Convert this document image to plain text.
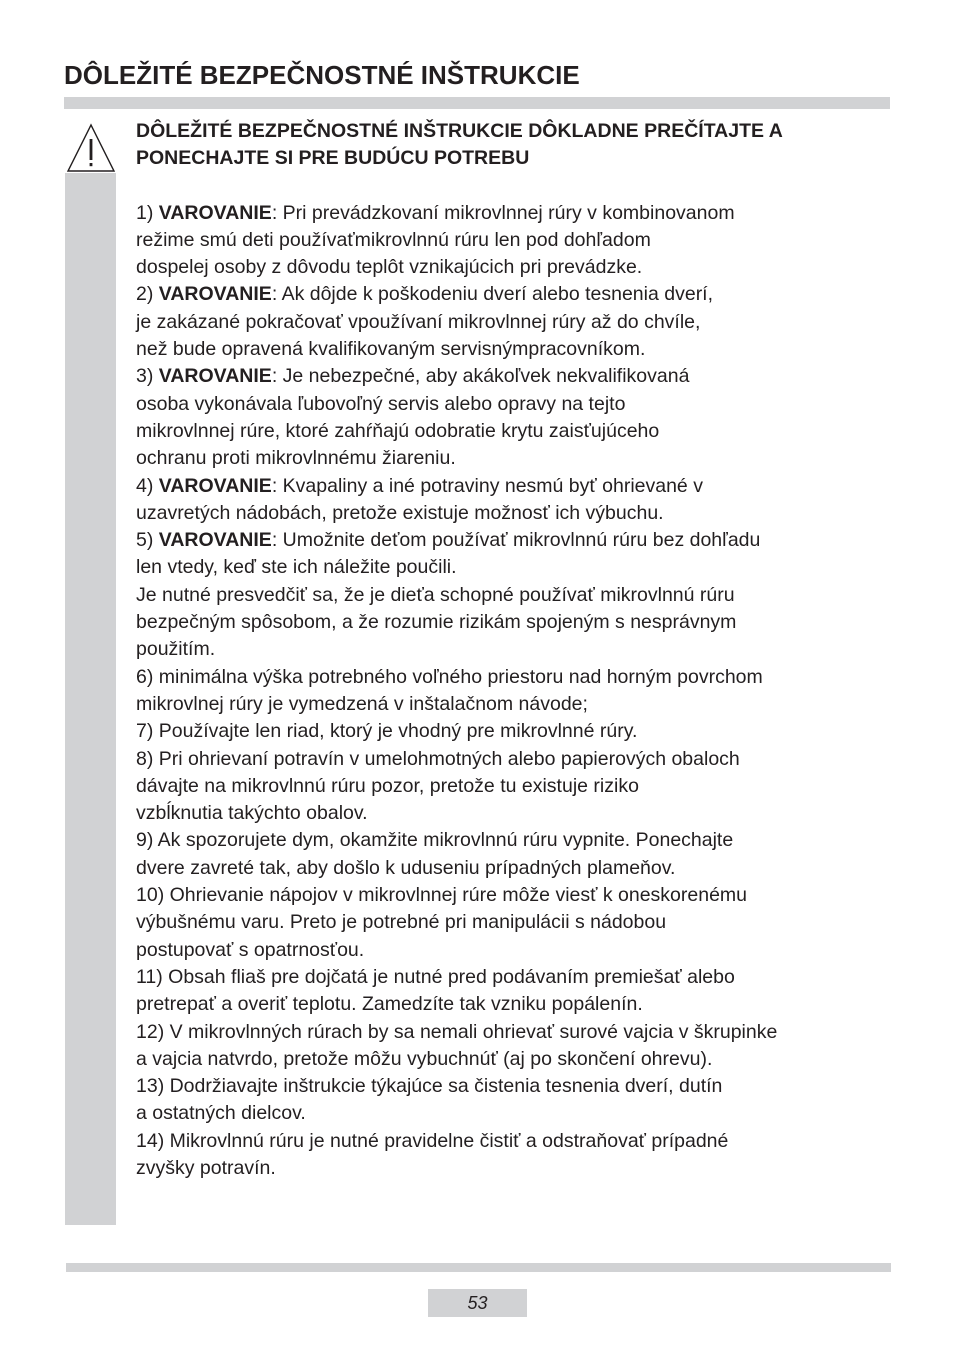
DÔLEŽITÉ BEZPEČNOSTNÉ INŠTRUKCIE
DÔLEŽITÉ BEZPEČNOSTNÉ INŠTRUKCIE DÔKLADNE PREČÍTAJTE A
PONECHAJTE SI PRE BUDÚCU POTREBU
1) VAROVANIE: Pri prevádzkovaní mikrovlnnej rúry v kombinovanom
režime smú deti používaťmikrovlnnú rúru len pod dohľadom
dospelej osoby z dôvodu teplôt vznikajúcich pri prevádzke.
2) VAROVANIE: Ak dôjde k poškodeniu dverí alebo tesnenia dverí,
je zakázané pokračovať vpoužívaní mikrovlnnej rúry až do chvíle,
než bude opravená kvalifikovaným servisnýmpracovníkom.
3) VAROVANIE: Je nebezpečné, aby akákoľvek nekvalifikovaná
osoba vykonávala ľubovoľný servis alebo opravy na tejto
mikrovlnnej rúre, ktoré zahŕňajú odobratie krytu zaisťujúceho
ochranu proti mikrovlnnému žiareniu.
4) VAROVANIE: Kvapaliny a iné potraviny nesmú byť ohrievané v
uzavretých nádobách, pretože existuje možnosť ich výbuchu.
5) VAROVANIE: Umožnite deťom používať mikrovlnnú rúru bez dohľadu
len vtedy, keď ste ich náležite poučili.
Je nutné presvedčiť sa, že je dieťa schopné používať mikrovlnnú rúru
bezpečným spôsobom, a že rozumie rizikám spojeným s nesprávnym
použitím.
6) minimálna výška potrebného voľného priestoru nad horným povrchom
mikrovlnej rúry je vymedzená v inštalačnom návode;
7) Používajte len riad, ktorý je vhodný pre mikrovlnné rúry.
8) Pri ohrievaní potravín v umelohmotných alebo papierových obaloch
dávajte na mikrovlnnú rúru pozor, pretože tu existuje riziko
vzbĺknutia takýchto obalov.
9) Ak spozorujete dym, okamžite mikrovlnnú rúru vypnite. Ponechajte
dvere zavreté tak, aby došlo k uduseniu prípadných plameňov.
10) Ohrievanie nápojov v mikrovlnnej rúre môže viesť k oneskorenému
výbušnému varu. Preto je potrebné pri manipulácii s nádobou
postupovať s opatrnosťou.
11) Obsah fliaš pre dojčatá je nutné pred podávaním premiešať alebo
pretrepať a overiť teplotu. Zamedzíte tak vzniku popálenín.
12) V mikrovlnných rúrach by sa nemali ohrievať surové vajcia v škrupinke
a vajcia natvrdo, pretože môžu vybuchnúť (aj po skončení ohrevu).
13) Dodržiavajte inštrukcie týkajúce sa čistenia tesnenia dverí, dutín
a ostatných dielcov.
14) Mikrovlnnú rúru je nutné pravidelne čistiť a odstraňovať prípadné
zvyšky potravín.
53
